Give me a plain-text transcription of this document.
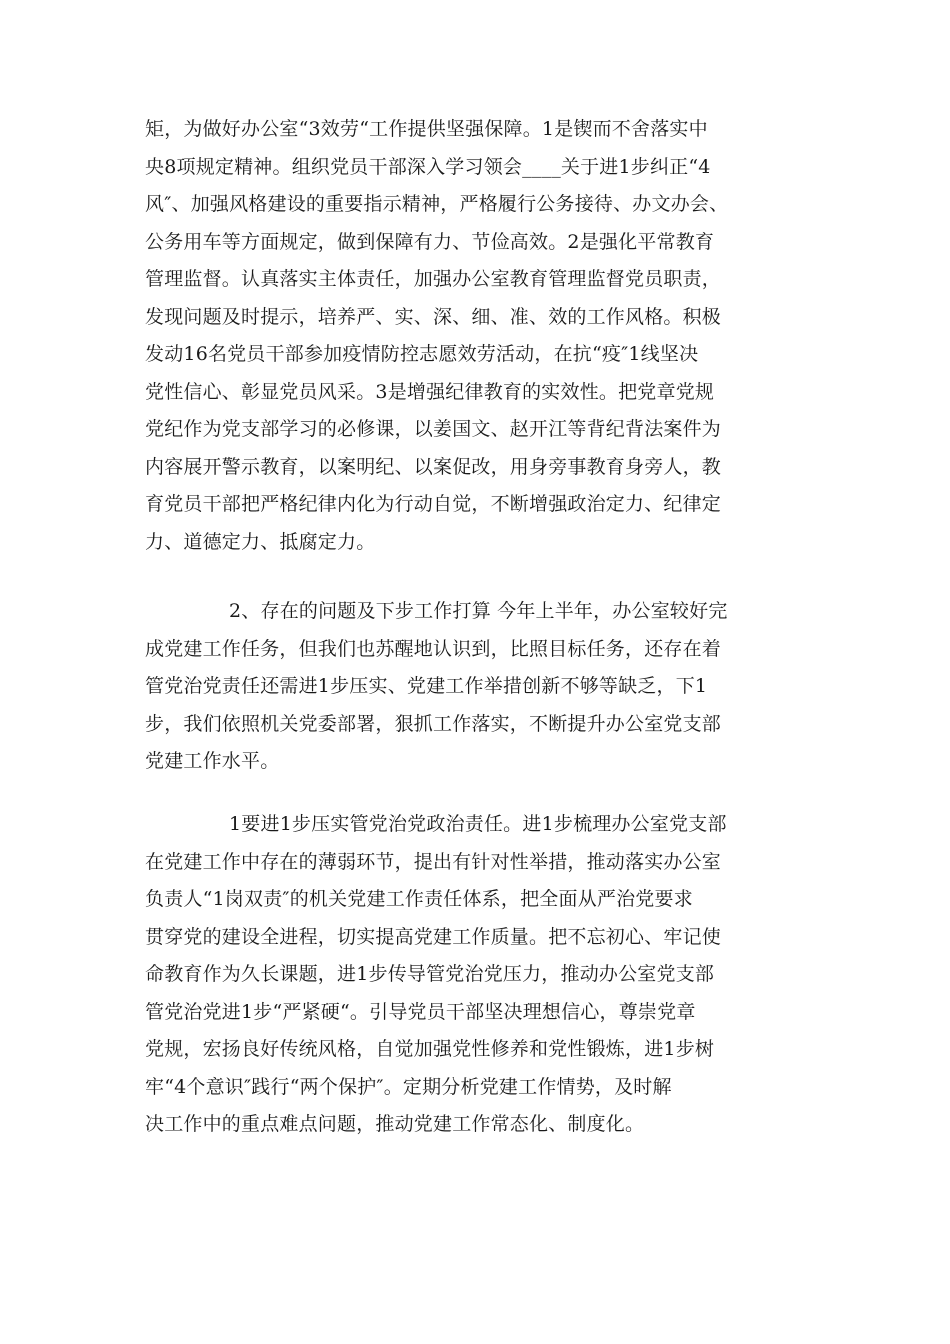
矩，为做好办公室“3效劳“工作提供坚强保障。1是锲而不舍落实中
央8项规定精神。组织党员干部深入学习领会____关于进1步纠正“4
风″、加强风格建设的重要指示精神，严格履行公务接待、办文办会、
公务用车等方面规定，做到保障有力、节俭高效。2是强化平常教育
管理监督。认真落实主体责任，加强办公室教育管理监督党员职责，
发现问题及时提示，培养严、实、深、细、准、效的工作风格。积极
发动16名党员干部参加疫情防控志愿效劳活动，在抗“疫″1线坚决
党性信心、彰显党员风采。3是增强纪律教育的实效性。把党章党规
党纪作为党支部学习的必修课，以姜国文、赵开江等背纪背法案件为
内容展开警示教育，以案明纪、以案促改，用身旁事教育身旁人，教
育党员干部把严格纪律内化为行动自觉，不断增强政治定力、纪律定
力、道德定力、抵腐定力。
2、存在的问题及下步工作打算 今年上半年，办公室较好完
成党建工作任务，但我们也苏醒地认识到，比照目标任务，还存在着
管党治党责任还需进1步压实、党建工作举措创新不够等缺乏，下1
步，我们依照机关党委部署，狠抓工作落实，不断提升办公室党支部
党建工作水平。
1要进1步压实管党治党政治责任。进1步梳理办公室党支部
在党建工作中存在的薄弱环节，提出有针对性举措，推动落实办公室
负责人“1岗双责″的机关党建工作责任体系，把全面从严治党要求
贯穿党的建设全进程，切实提高党建工作质量。把不忘初心、牢记使
命教育作为久长课题，进1步传导管党治党压力，推动办公室党支部
管党治党进1步“严紧硬“。引导党员干部坚决理想信心，尊崇党章
党规，宏扬良好传统风格，自觉加强党性修养和党性锻炼，进1步树
牢“4个意识″践行“两个保护″。定期分析党建工作情势，及时解
决工作中的重点难点问题，推动党建工作常态化、制度化。
